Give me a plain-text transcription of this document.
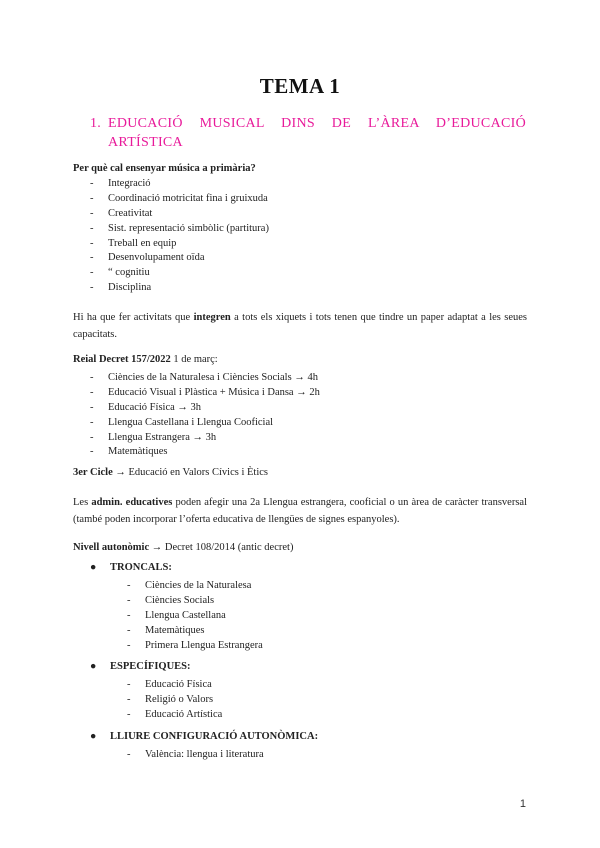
TEMA 1
1. EDUCACIÓ MUSICAL DINS DE L’ÀREA D’EDUCACIÓ
ARTÍSTICA
Per què cal ensenyar música a primària?
- Integració
- Coordinació motricitat fina i gruixuda
- Creativitat
- Sist. representació simbòlic (partitura)
- Treball en equip
- Desenvolupament oïda
- “ cognitiu
- Disciplina
Hi ha que fer activitats que integren a tots els xiquets i tots tenen que tindre un paper adaptat a les seues capacitats.
Reial Decret 157/2022 1 de març:
- Ciències de la Naturalesa i Ciències Socials → 4h
- Educació Visual i Plàstica + Música i Dansa → 2h
- Educació Física → 3h
- Llengua Castellana i Llengua Cooficial
- Llengua Estrangera → 3h
- Matemàtiques
3er Cicle → Educació en Valors Cívics i Ètics
Les admin. educatives poden afegir una 2a Llengua estrangera, cooficial o un àrea de caràcter transversal (també poden incorporar l’oferta educativa de llengües de signes espanyoles).
Nivell autonòmic → Decret 108/2014 (antic decret)
● TRONCALS:
- Ciències de la Naturalesa
- Ciències Socials
- Llengua Castellana
- Matemàtiques
- Primera Llengua Estrangera
● ESPECÍFIQUES:
- Educació Física
- Religió o Valors
- Educació Artística
● LLIURE CONFIGURACIÓ AUTONÒMICA:
- València: llengua i literatura
1
